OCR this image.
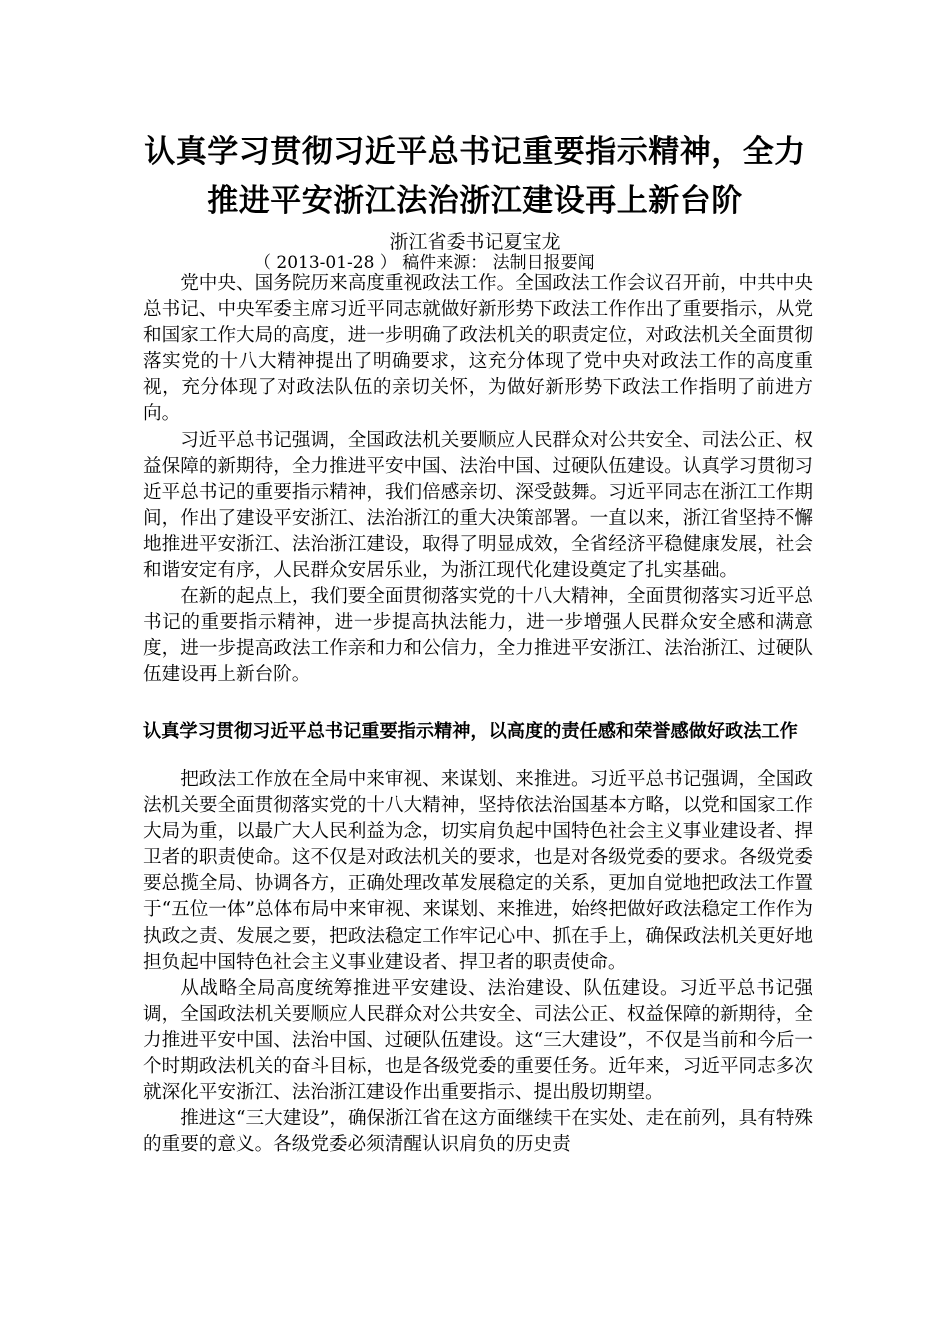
认真学习贯彻习近平总书记重要指示精神，全力
推进平安浙江法治浙江建设再上新台阶
浙江省委书记夏宝龙
（ 2013-01-28 ） 稿件来源： 法制日报要闻

党中央、国务院历来高度重视政法工作。全国政法工作会议召开前，中共中央总书记、中央军委主席习近平同志就做好新形势下政法工作作出了重要指示，从党和国家工作大局的高度，进一步明确了政法机关的职责定位，对政法机关全面贯彻落实党的十八大精神提出了明确要求，这充分体现了党中央对政法工作的高度重视，充分体现了对政法队伍的亲切关怀，为做好新形势下政法工作指明了前进方向。

习近平总书记强调，全国政法机关要顺应人民群众对公共安全、司法公正、权益保障的新期待，全力推进平安中国、法治中国、过硬队伍建设。认真学习贯彻习近平总书记的重要指示精神，我们倍感亲切、深受鼓舞。习近平同志在浙江工作期间，作出了建设平安浙江、法治浙江的重大决策部署。一直以来，浙江省坚持不懈地推进平安浙江、法治浙江建设，取得了明显成效，全省经济平稳健康发展，社会和谐安定有序，人民群众安居乐业，为浙江现代化建设奠定了扎实基础。

在新的起点上，我们要全面贯彻落实党的十八大精神，全面贯彻落实习近平总书记的重要指示精神，进一步提高执法能力，进一步增强人民群众安全感和满意度，进一步提高政法工作亲和力和公信力，全力推进平安浙江、法治浙江、过硬队伍建设再上新台阶。

认真学习贯彻习近平总书记重要指示精神，以高度的责任感和荣誉感做好政法工作

把政法工作放在全局中来审视、来谋划、来推进。习近平总书记强调，全国政法机关要全面贯彻落实党的十八大精神，坚持依法治国基本方略，以党和国家工作大局为重，以最广大人民利益为念，切实肩负起中国特色社会主义事业建设者、捍卫者的职责使命。这不仅是对政法机关的要求，也是对各级党委的要求。各级党委要总揽全局、协调各方，正确处理改革发展稳定的关系，更加自觉地把政法工作置于“五位一体”总体布局中来审视、来谋划、来推进，始终把做好政法稳定工作作为执政之责、发展之要，把政法稳定工作牢记心中、抓在手上，确保政法机关更好地担负起中国特色社会主义事业建设者、捍卫者的职责使命。

从战略全局高度统筹推进平安建设、法治建设、队伍建设。习近平总书记强调，全国政法机关要顺应人民群众对公共安全、司法公正、权益保障的新期待，全力推进平安中国、法治中国、过硬队伍建设。这“三大建设”，不仅是当前和今后一个时期政法机关的奋斗目标，也是各级党委的重要任务。近年来，习近平同志多次就深化平安浙江、法治浙江建设作出重要指示、提出殷切期望。

推进这“三大建设”，确保浙江省在这方面继续干在实处、走在前列，具有特殊的重要的意义。各级党委必须清醒认识肩负的历史责
